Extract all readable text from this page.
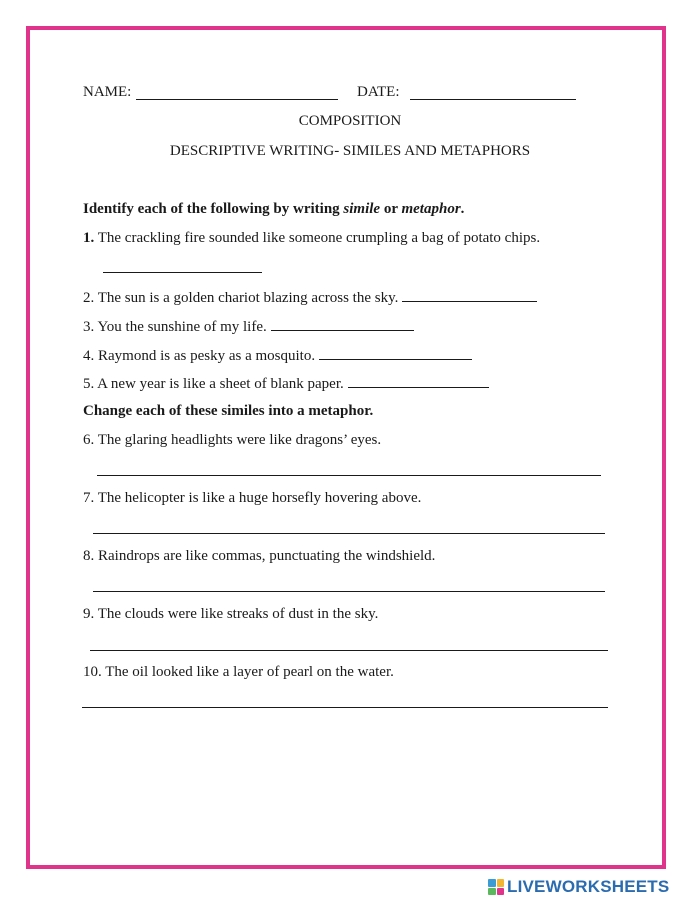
NAME:	DATE:
COMPOSITION
DESCRIPTIVE WRITING- SIMILES AND METAPHORS
Identify each of the following by writing simile or metaphor.
1. The crackling fire sounded like someone crumpling a bag of potato chips.
2. The sun is a golden chariot blazing across the sky.
3. You the sunshine of my life.
4. Raymond is as pesky as a mosquito.
5. A new year is like a sheet of blank paper.
Change each of these similes into a metaphor.
6. The glaring headlights were like dragons’ eyes.
7. The helicopter is like a huge horsefly hovering above.
8. Raindrops are like commas, punctuating the windshield.
9. The clouds were like streaks of dust in the sky.
10. The oil looked like a layer of pearl on the water.
LIVEWORKSHEETS
